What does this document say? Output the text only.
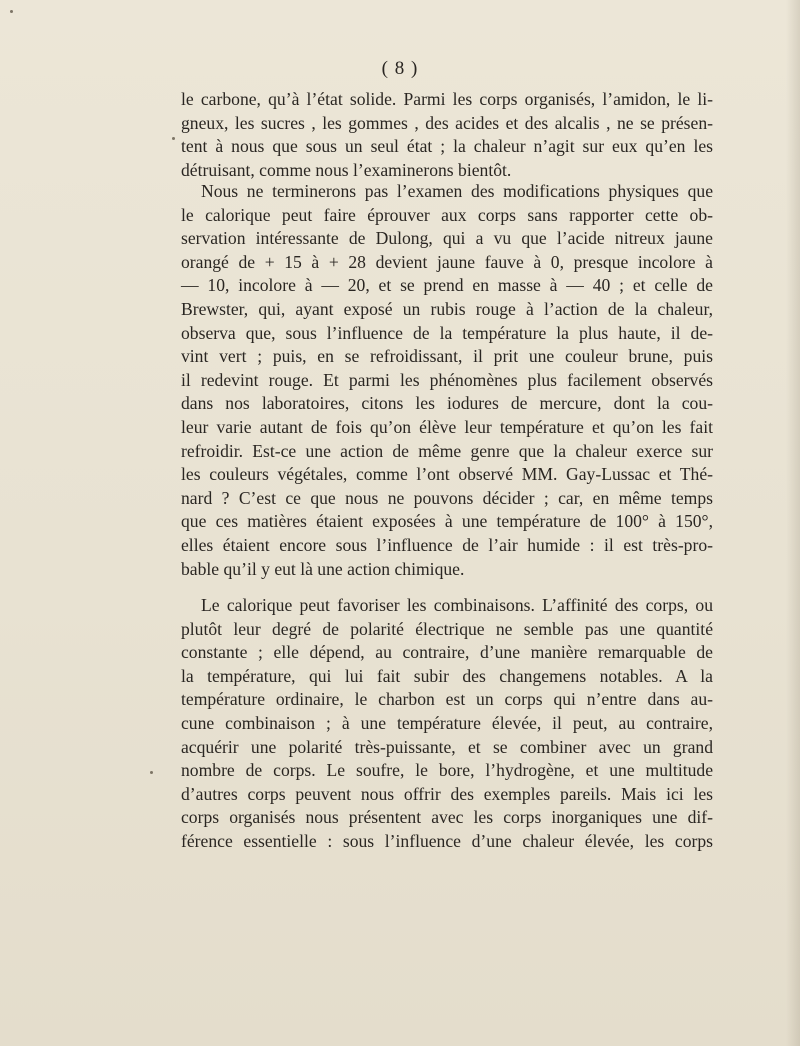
( 8 )
le carbone, qu’à l’état solide. Parmi les corps organisés, l’amidon, le li-
gneux, les sucres , les gommes , des acides et des alcalis , ne se présen-
tent à nous que sous un seul état ; la chaleur n’agit sur eux qu’en les
détruisant, comme nous l’examinerons bientôt.
Nous ne terminerons pas l’examen des modifications physiques que
le calorique peut faire éprouver aux corps sans rapporter cette ob-
servation intéressante de Dulong, qui a vu que l’acide nitreux jaune
orangé de + 15 à + 28 devient jaune fauve à 0, presque incolore à
— 10, incolore à — 20, et se prend en masse à — 40 ; et celle de
Brewster, qui, ayant exposé un rubis rouge à l’action de la chaleur,
observa que, sous l’influence de la température la plus haute, il de-
vint vert ; puis, en se refroidissant, il prit une couleur brune, puis
il redevint rouge. Et parmi les phénomènes plus facilement observés
dans nos laboratoires, citons les iodures de mercure, dont la cou-
leur varie autant de fois qu’on élève leur température et qu’on les fait
refroidir. Est-ce une action de même genre que la chaleur exerce sur
les couleurs végétales, comme l’ont observé MM. Gay-Lussac et Thé-
nard ? C’est ce que nous ne pouvons décider ; car, en même temps
que ces matières étaient exposées à une température de 100° à 150°,
elles étaient encore sous l’influence de l’air humide : il est très-pro-
bable qu’il y eut là une action chimique.
Le calorique peut favoriser les combinaisons. L’affinité des corps, ou
plutôt leur degré de polarité électrique ne semble pas une quantité
constante ; elle dépend, au contraire, d’une manière remarquable de
la température, qui lui fait subir des changemens notables. A la
température ordinaire, le charbon est un corps qui n’entre dans au-
cune combinaison ; à une température élevée, il peut, au contraire,
acquérir une polarité très-puissante, et se combiner avec un grand
nombre de corps. Le soufre, le bore, l’hydrogène, et une multitude
d’autres corps peuvent nous offrir des exemples pareils. Mais ici les
corps organisés nous présentent avec les corps inorganiques une dif-
férence essentielle : sous l’influence d’une chaleur élevée, les corps
